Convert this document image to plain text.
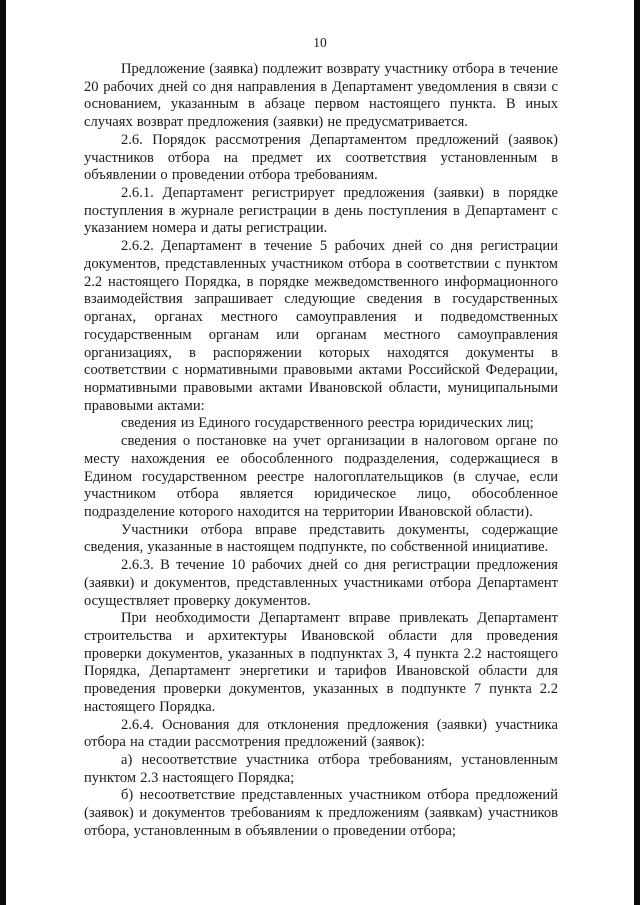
10

Предложение (заявка) подлежит возврату участнику отбора в течение 20 рабочих дней со дня направления в Департамент уведомления в связи с основанием, указанным в абзаце первом настоящего пункта. В иных случаях возврат предложения (заявки) не предусматривается.

2.6. Порядок рассмотрения Департаментом предложений (заявок) участников отбора на предмет их соответствия установленным в объявлении о проведении отбора требованиям.

2.6.1. Департамент регистрирует предложения (заявки) в порядке поступления в журнале регистрации в день поступления в Департамент с указанием номера и даты регистрации.

2.6.2. Департамент в течение 5 рабочих дней со дня регистрации документов, представленных участником отбора в соответствии с пунктом 2.2 настоящего Порядка, в порядке межведомственного информационного взаимодействия запрашивает следующие сведения в государственных органах, органах местного самоуправления и подведомственных государственным органам или органам местного самоуправления организациях, в распоряжении которых находятся документы в соответствии с нормативными правовыми актами Российской Федерации, нормативными правовыми актами Ивановской области, муниципальными правовыми актами:

сведения из Единого государственного реестра юридических лиц;

сведения о постановке на учет организации в налоговом органе по месту нахождения ее обособленного подразделения, содержащиеся в Едином государственном реестре налогоплательщиков (в случае, если участником отбора является юридическое лицо, обособленное подразделение которого находится на территории Ивановской области).

Участники отбора вправе представить документы, содержащие сведения, указанные в настоящем подпункте, по собственной инициативе.

2.6.3. В течение 10 рабочих дней со дня регистрации предложения (заявки) и документов, представленных участниками отбора Департамент осуществляет проверку документов.

При необходимости Департамент вправе привлекать Департамент строительства и архитектуры Ивановской области для проведения проверки документов, указанных в подпунктах 3, 4 пункта 2.2 настоящего Порядка, Департамент энергетики и тарифов Ивановской области для проведения проверки документов, указанных в подпункте 7 пункта 2.2 настоящего Порядка.

2.6.4. Основания для отклонения предложения (заявки) участника отбора на стадии рассмотрения предложений (заявок):

а) несоответствие участника отбора требованиям, установленным пунктом 2.3 настоящего Порядка;

б) несоответствие представленных участником отбора предложений (заявок) и документов требованиям к предложениям (заявкам) участников отбора, установленным в объявлении о проведении отбора;
